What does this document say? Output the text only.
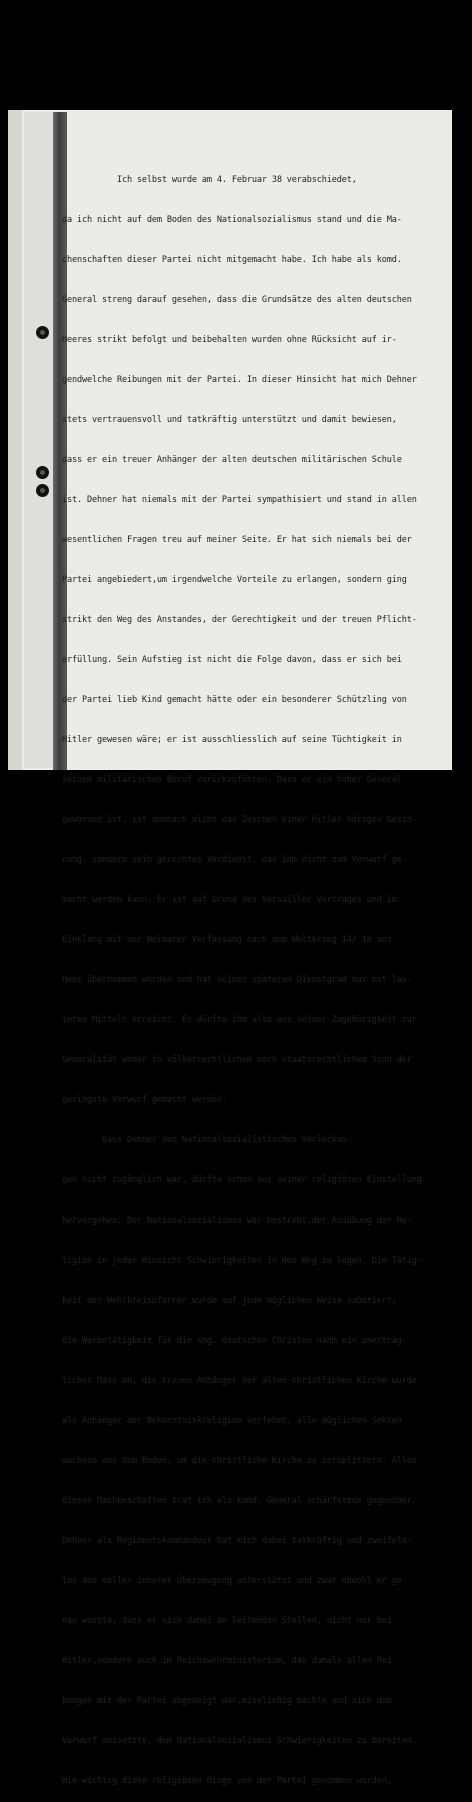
Ich selbst wurde am 4. Februar 38 verabschiedet,

da ich nicht auf dem Boden des Nationalsozialismus stand und die Ma-

chenschaften dieser Partei nicht mitgemacht habe. Ich habe als komd.

General streng darauf gesehen, dass die Grundsätze des alten deutschen

Heeres strikt befolgt und beibehalten wurden ohne Rücksicht auf ir-

gendwelche Reibungen mit der Partei. In dieser Hinsicht hat mich Dehner

stets vertrauensvoll und tatkräftig unterstützt und damit bewiesen,

dass er ein treuer Anhänger der alten deutschen militärischen Schule

ist. Dehner hat niemals mit der Partei sympathisiert und stand in allen

wesentlichen Fragen treu auf meiner Seite. Er hat sich niemals bei der

Partei angebiedert,um irgendwelche Vorteile zu erlangen, sondern ging

strikt den Weg des Anstandes, der Gerechtigkeit und der treuen Pflicht-

erfüllung. Sein Aufstieg ist nicht die Folge davon, dass er sich bei

der Partei lieb Kind gemacht hätte oder ein besonderer Schützling von

Hitler gewesen wäre; er ist ausschliesslich auf seine Tüchtigkeit in

seinem militärischen Beruf zurückzuführen. Dass er ein hoher General

geworden ist, ist demnach nicht das Zeichen einer Hitler hörigen Gesin-

nung, sondern sein gerechtes Verdienst, das ihm nicht zum Vorwurf ge-

macht werden kann. Er ist auf Grund des Versailler Vertrages und im

Einklang mit der Weimarer Verfassung nach dem Weltkrieg 14/ 18 ins

Heer übernommen worden und hat seinen späteren Dienstgrad mur mit lau-

teren Mitteln erreicht. Es dürfte ihm also aus seiner Zugehörigkeit zur

Generalität weder in völkerrechtlichem noch staatsrechtlichem Sinn der

geringste Vorwurf gemacht werden.

Dass Dehner den Nationalsozialistischen Verlockun-

gen nicht zugänglich war, dürfte schon aus seiner religiösen Einstellung

hervorgehen. Der Nationalsozialismus war bestrebt,der Ausübung der Re-

ligion in jeder Hinsicht Schwierigkeiten in den Weg zu legen. Die Tätig-

keit der Wehrkreispfarrer wurde auf jede möglichen Weise sabotiert,

die Werbetätigkeit für die sog. deutschen Christen nahm ein unerträg-

liches Mass an, die treuen Anhänger der alten christlichen Kirche wurde

als Anhänger der Bekenntniskreligion verfehmt, alle möglichen Sekten

wuchsen aus dem Boden, um die christliche Kirche zu zersplittern. Allen

diesen Machenschaften trat ich als komd. General schärfstens gegenüber.

Dehner als Regimentskommandeur hat mich dabei tatkräftig und zweifels-

los aus voller innerer Überzeugung unterstützt und zwar obwohl er ge-

nau wusste, dass er sich dabei an leitenden Stellen, nicht nur bei

Hitler,sondern auch im Reichswehrministerium, das damals allen Rei-

bungen mit der Partei abgeneigt war,missliebig machte und sich dem

Vorwurf aussetzte, dem Nationalsozialismus Schwierigkeiten zu bereiten.

Wie wichtig diese religiösen Dinge von der Partei genommen wurden,
